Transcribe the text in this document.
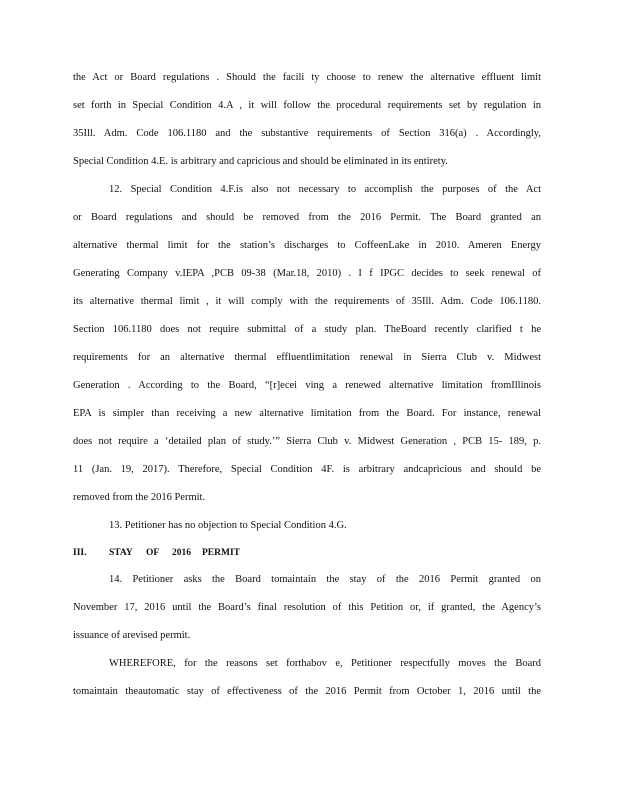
the Act or Board regulations . Should the facili ty choose to renew the alternative effluent limit
set forth in Special Condition 4.A , it will follow the procedural requirements set by regulation in
35Ill. Adm. Code 106.1180 and the substantive requirements of Section 316(a) . Accordingly,
Special Condition 4.E. is arbitrary and capricious and should be eliminated in its entirety.
12. Special Condition 4.F.is also not necessary to accomplish the purposes of the Act
or Board regulations and should be removed from the 2016 Permit. The Board granted an
alternative thermal limit for the station’s discharges to CoffeenLake in 2010. Ameren Energy
Generating Company v.IEPA ,PCB 09-38 (Mar.18, 2010) . I f IPGC decides to seek renewal of
its alternative thermal limit , it will comply with the requirements of 35Ill. Adm. Code 106.1180.
Section 106.1180 does not require submittal of a study plan. TheBoard recently clarified t he
requirements for an alternative thermal effluentlimitation renewal in Sierra Club v. Midwest
Generation . According to the Board, “[r]ecei ving a renewed alternative limitation fromIllinois
EPA is simpler than receiving a new alternative limitation from the Board. For instance, renewal
does not require a ‘detailed plan of study.’” Sierra Club v. Midwest Generation , PCB 15- 189, p.
11 (Jan. 19, 2017). Therefore, Special Condition 4F. is arbitrary andcapricious and should be
removed from the 2016 Permit.
13. Petitioner has no objection to Special Condition 4.G.
III. STAY OF 2016 PERMIT
14. Petitioner asks the Board tomaintain the stay of the 2016 Permit granted on
November 17, 2016 until the Board’s final resolution of this Petition or, if granted, the Agency’s
issuance of arevised permit.
WHEREFORE, for the reasons set forthabov e, Petitioner respectfully moves the Board
tomaintain theautomatic stay of effectiveness of the 2016 Permit from October 1, 2016 until the
